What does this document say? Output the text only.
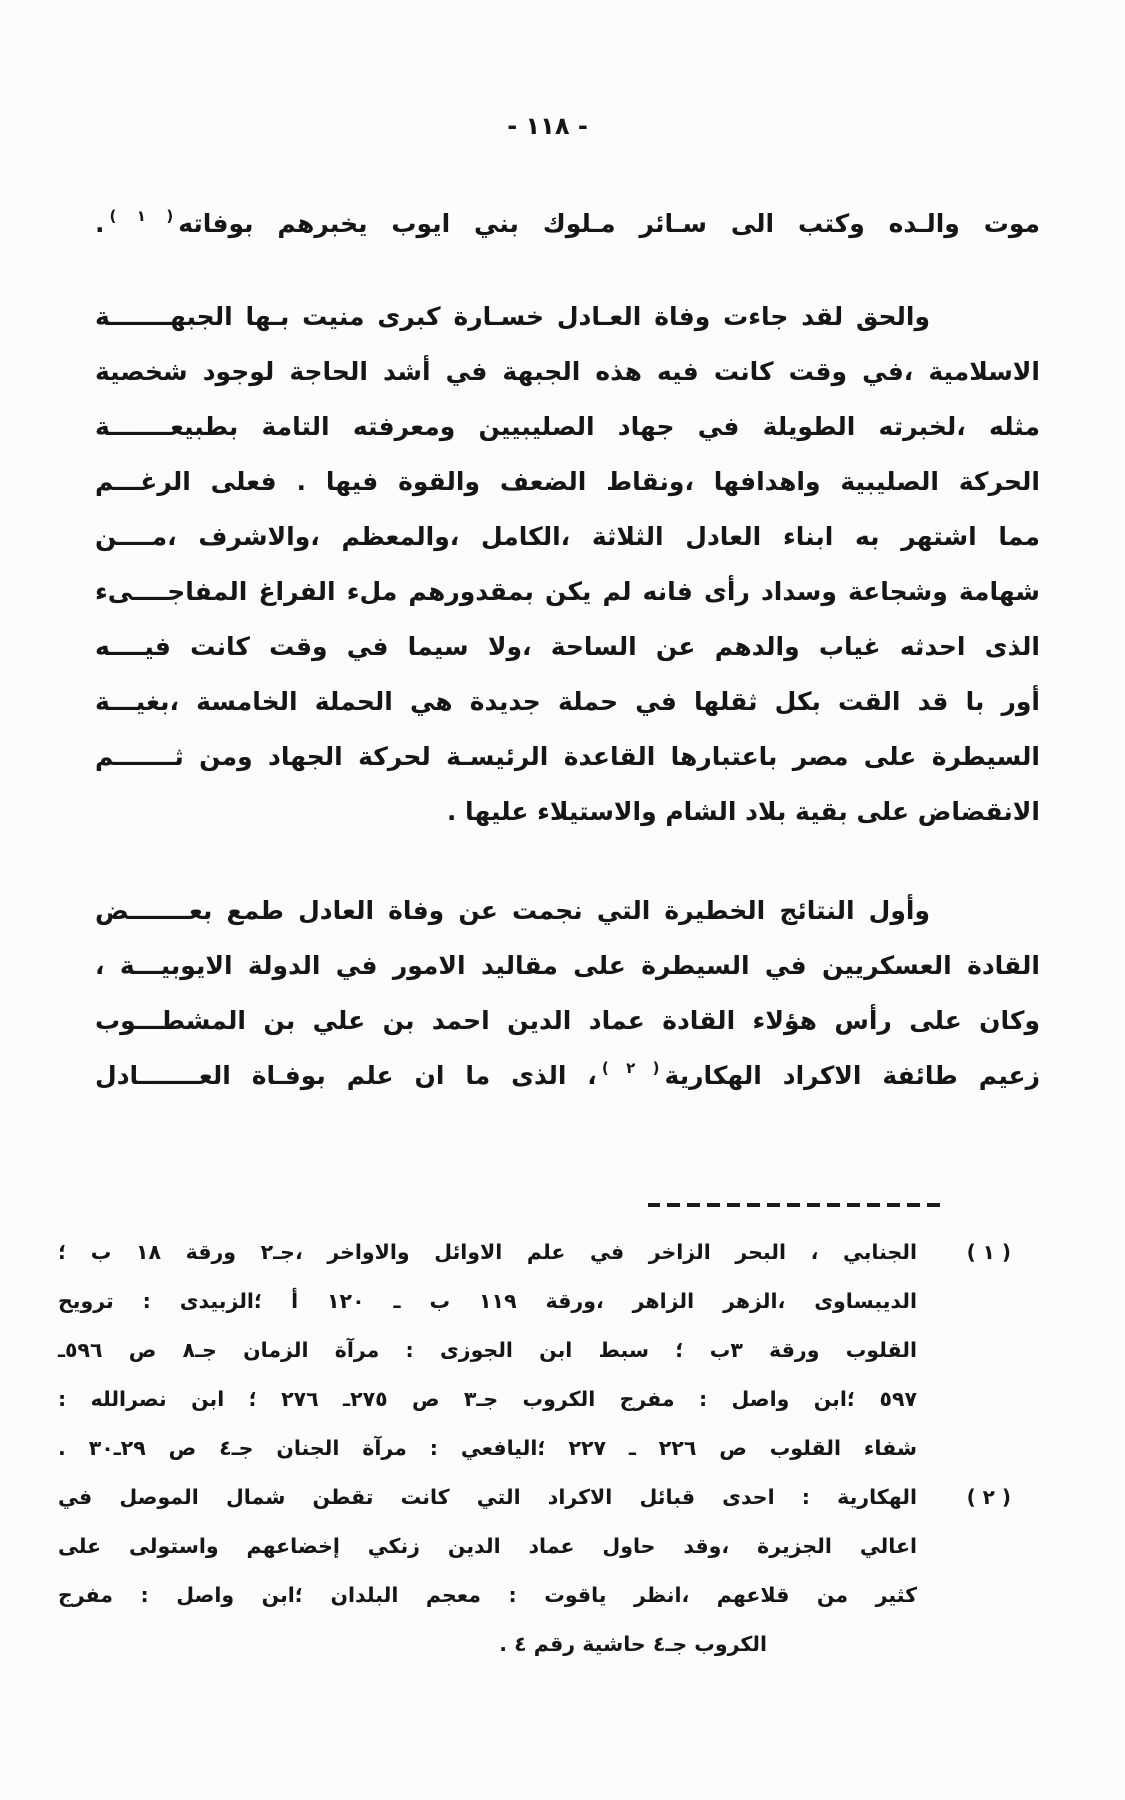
- ١١٨ -

موت والـده وكتب الى سـائر مـلوك بني ايوب يخبرهم بوفاته$^{( ١ )}$.

والحق لقد جاءت وفاة العـادل خسـارة كبرى منيت بـها الجبهـــــــة

الاسلامية ،في وقت كانت فيه هذه الجبهة في أشد الحاجة لوجود شخصية

مثله ،لخبرته الطويلة في جهاد الصليبيين ومعرفته التامة بطبيعـــــــة

الحركة الصليبية واهدافها ،ونقاط الضعف والقوة فيها . فعلى الرغـــم

مما اشتهر به ابناء العادل الثلاثة ،الكامل ،والمعظم ،والاشرف ،مــــن

شهامة وشجاعة وسداد رأى فانه لم يكن بمقدورهم ملء الفراغ المفاجــــىء

الذى احدثه غياب والدهم عن الساحة ،ولا سيما في وقت كانت فيــــه

أور با قد القت بكل ثقلها في حملة جديدة هي الحملة الخامسة ،بغيـــة

السيطرة على مصر باعتبارها القاعدة الرئيسـة لحركة الجهاد ومن ثـــــــم

الانقضاض على بقية بلاد الشام والاستيلاء عليها .

وأول النتائج الخطيرة التي نجمت عن وفاة العادل طمع بعـــــــض

القادة العسكريين في السيطرة على مقاليد الامور في الدولة الايوبيـــة ،

وكان على رأس هؤلاء القادة عماد الدين احمد بن علي بن المشطـــوب

زعيم طائفة الاكراد الهكارية$^{( ٢ )}$، الذى ما ان علم بوفـاة العـــــــادل

( ١ )

الجنابي ، البحر الزاخر في علم الاوائل والاواخر ،جـ٢ ورقة ١٨ ب ؛

الديبساوى ،الزهر الزاهر ،ورقة ١١٩ ب ـ ١٢٠ أ ؛الزبيدى : ترويح

القلوب ورقة ٣ب ؛ سبط ابن الجوزى : مرآة الزمان جـ٨ ص ٥٩٦ـ

٥٩٧ ؛ابن واصل : مفرج الكروب جـ٣ ص ٢٧٥ـ ٢٧٦ ؛ ابن نصرالله :

شفاء القلوب ص ٢٢٦ ـ ٢٢٧ ؛اليافعي : مرآة الجنان جـ٤ ص ٢٩ـ٣٠ .

( ٢ )

الهكارية : احدى قبائل الاكراد التي كانت تقطن شمال الموصل في

اعالي الجزيرة ،وقد حاول عماد الدين زنكي إخضاعهم واستولى على

كثير من قلاعهم ،انظر ياقوت : معجم البلدان ؛ابن واصل : مفرج

الكروب جـ٤ حاشية رقم ٤ .
